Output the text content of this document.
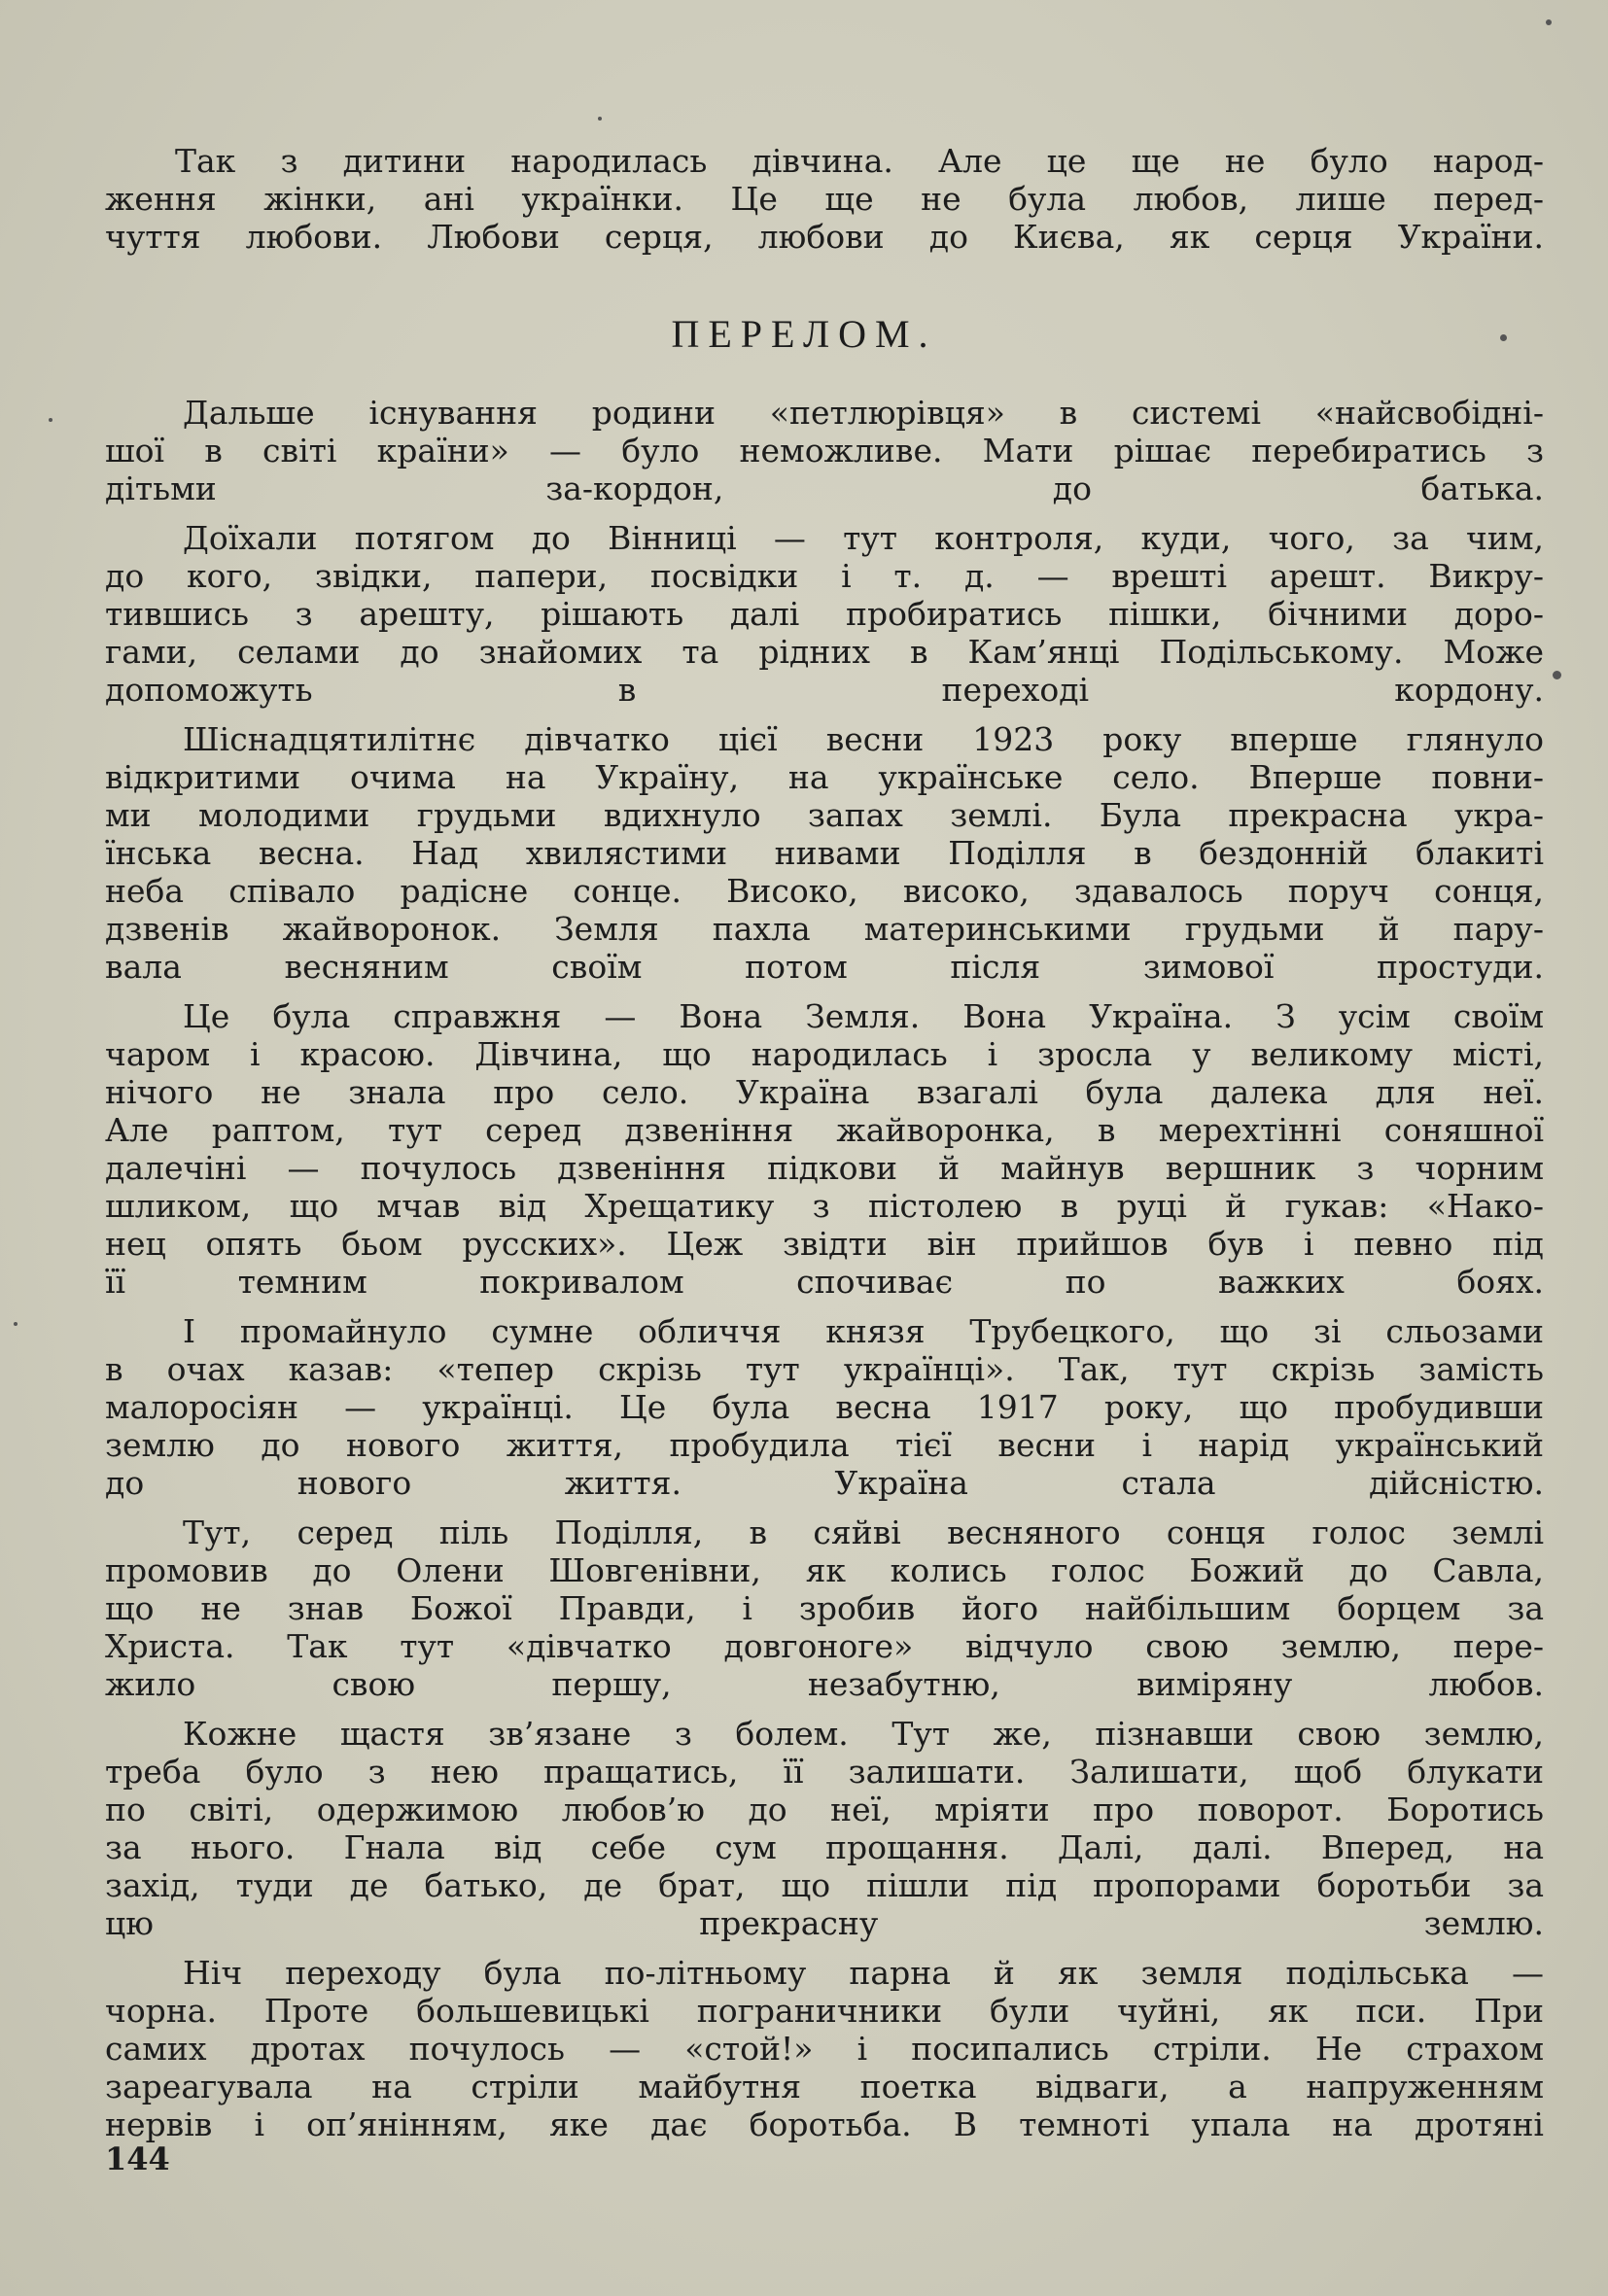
Так з дитини народилась дівчина. Але це ще не було народ-
ження жінки, ані українки. Це ще не була любов, лише перед-
чуття любови. Любови серця, любови до Києва, як серця України.

ПЕРЕЛОМ.

Дальше існування родини «петлюрівця» в системі «найсвобідні-
шої в світі країни» — було неможливе. Мати рішає перебиратись з
дітьми за-кордон, до батька.

Доїхали потягом до Вінниці — тут контроля, куди, чого, за чим,
до кого, звідки, папери, посвідки і т. д. — врешті арешт. Викру-
тившись з арешту, рішають далі пробиратись пішки, бічними доро-
гами, селами до знайомих та рідних в Кам’янці Подільському. Може
допоможуть в переході кордону.

Шіснадцятилітнє дівчатко цієї весни 1923 року вперше глянуло
відкритими очима на Україну, на українське село. Вперше повни-
ми молодими грудьми вдихнуло запах землі. Була прекрасна укра-
їнська весна. Над хвилястими нивами Поділля в бездонній блакиті
неба співало радісне сонце. Високо, високо, здавалось поруч сонця,
дзвенів жайворонок. Земля пахла материнськими грудьми й пару-
вала весняним своїм потом після зимової простуди.

Це була справжня — Вона Земля. Вона Україна. З усім своїм
чаром і красою. Дівчина, що народилась і зросла у великому місті,
нічого не знала про село. Україна взагалі була далека для неї.
Але раптом, тут серед дзвеніння жайворонка, в мерехтінні соняшної
далечіні — почулось дзвеніння підкови й майнув вершник з чорним
шликом, що мчав від Хрещатику з пістолею в руці й гукав: «Нако-
нец опять бьом русских». Цеж звідти він прийшов був і певно під
її темним покривалом спочиває по важких боях.

І промайнуло сумне обличчя князя Трубецкого, що зі сльозами
в очах казав: «тепер скрізь тут українці». Так, тут скрізь замість
малоросіян — українці. Це була весна 1917 року, що пробудивши
землю до нового життя, пробудила тієї весни і нарід український
до нового життя. Україна стала дійсністю.

Тут, серед піль Поділля, в сяйві весняного сонця голос землі
промовив до Олени Шовгенівни, як колись голос Божий до Савла,
що не знав Божої Правди, і зробив його найбільшим борцем за
Христа. Так тут «дівчатко довгоноге» відчуло свою землю, пере-
жило свою першу, незабутню, виміряну любов.

Кожне щастя зв’язане з болем. Тут же, пізнавши свою землю,
треба було з нею пращатись, її залишати. Залишати, щоб блукати
по світі, одержимою любов’ю до неї, мріяти про поворот. Боротись
за нього. Гнала від себе сум прощання. Далі, далі. Вперед, на
захід, туди де батько, де брат, що пішли під пропорами боротьби за
цю прекрасну землю.

Ніч переходу була по-літньому парна й як земля подільська —
чорна. Проте большевицькі пограничники були чуйні, як пси. При
самих дротах почулось — «стой!» і посипались стріли. Не страхом
зареагувала на стріли майбутня поетка відваги, а напруженням
нервів і оп’янінням, яке дає боротьба. В темноті упала на дротяні

144
